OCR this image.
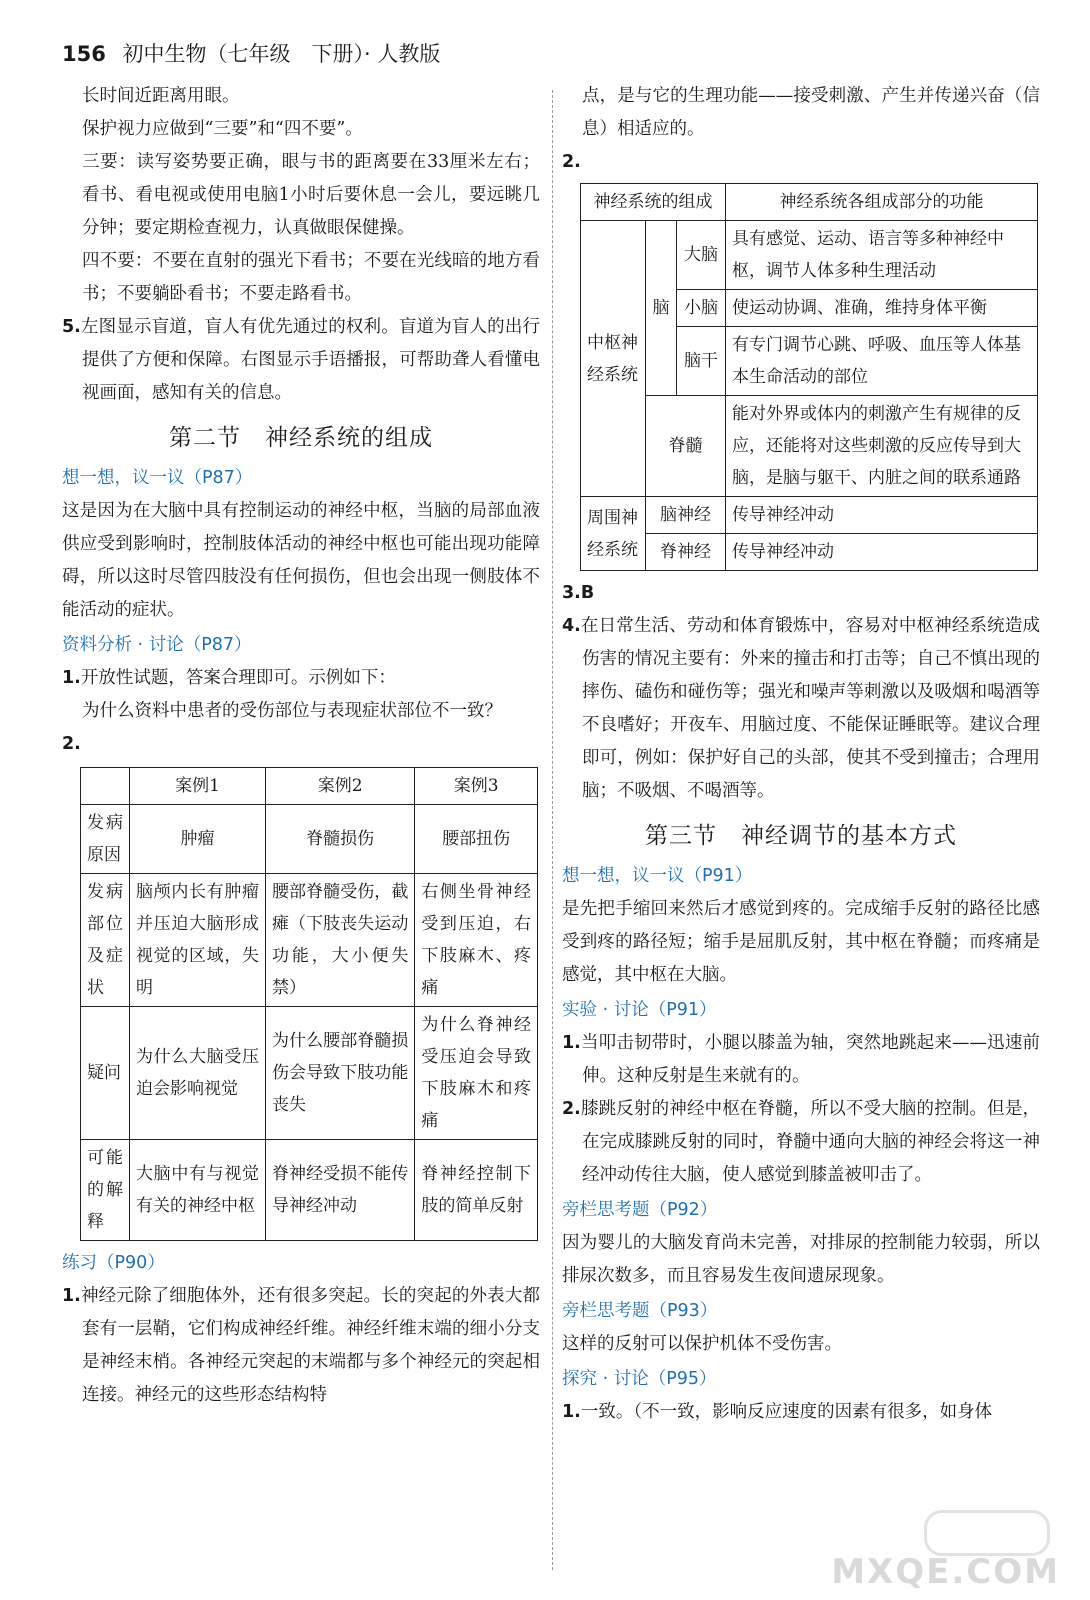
156 初中生物（七年级　下册）· 人教版

长时间近距离用眼。

保护视力应做到“三要”和“四不要”。

三要：读写姿势要正确，眼与书的距离要在33厘米左右；看书、看电视或使用电脑1小时后要休息一会儿，要远眺几分钟；要定期检查视力，认真做眼保健操。

四不要：不要在直射的强光下看书；不要在光线暗的地方看书；不要躺卧看书；不要走路看书。

5.左图显示盲道，盲人有优先通过的权利。盲道为盲人的出行提供了方便和保障。右图显示手语播报，可帮助聋人看懂电视画面，感知有关的信息。

第二节　神经系统的组成
想一想，议一议（P87）

这是因为在大脑中具有控制运动的神经中枢，当脑的局部血液供应受到影响时，控制肢体活动的神经中枢也可能出现功能障碍，所以这时尽管四肢没有任何损伤，但也会出现一侧肢体不能活动的症状。

资料分析 · 讨论（P87）

1.开放性试题，答案合理即可。示例如下：

为什么资料中患者的受伤部位与表现症状部位不一致？

2.

	案例1	案例2	案例3
发病原因	肿瘤	脊髓损伤	腰部扭伤
发病部位及症状	脑颅内长有肿瘤并压迫大脑形成视觉的区域，失明	腰部脊髓受伤，截瘫（下肢丧失运动功能，大小便失禁）	右侧坐骨神经受到压迫，右下肢麻木、疼痛
疑问	为什么大脑受压迫会影响视觉	为什么腰部脊髓损伤会导致下肢功能丧失	为什么脊神经受压迫会导致下肢麻木和疼痛
可能的解释	大脑中有与视觉有关的神经中枢	脊神经受损不能传导神经冲动	脊神经控制下肢的简单反射
练习（P90）

1.神经元除了细胞体外，还有很多突起。长的突起的外表大都套有一层鞘，它们构成神经纤维。神经纤维末端的细小分支是神经末梢。各神经元突起的末端都与多个神经元的突起相连接。神经元的这些形态结构特

点，是与它的生理功能——接受刺激、产生并传递兴奋（信息）相适应的。

2.

神经系统的组成			神经系统各组成部分的功能
中枢神经系统	脑	大脑	具有感觉、运动、语言等多种神经中枢，调节人体多种生理活动
		小脑	使运动协调、准确，维持身体平衡
		脑干	有专门调节心跳、呼吸、血压等人体基本生命活动的部位
	脊髓		能对外界或体内的刺激产生有规律的反应，还能将对这些刺激的反应传导到大脑，是脑与躯干、内脏之间的联系通路
周围神经系统	脑神经		传导神经冲动
	脊神经		传导神经冲动

3.B

4.在日常生活、劳动和体育锻炼中，容易对中枢神经系统造成伤害的情况主要有：外来的撞击和打击等；自己不慎出现的摔伤、磕伤和碰伤等；强光和噪声等刺激以及吸烟和喝酒等不良嗜好；开夜车、用脑过度、不能保证睡眠等。建议合理即可，例如：保护好自己的头部，使其不受到撞击；合理用脑；不吸烟、不喝酒等。

第三节　神经调节的基本方式
想一想，议一议（P91）

是先把手缩回来然后才感觉到疼的。完成缩手反射的路径比感受到疼的路径短；缩手是屈肌反射，其中枢在脊髓；而疼痛是感觉，其中枢在大脑。

实验 · 讨论（P91）

1.当叩击韧带时，小腿以膝盖为轴，突然地跳起来——迅速前伸。这种反射是生来就有的。

2.膝跳反射的神经中枢在脊髓，所以不受大脑的控制。但是，在完成膝跳反射的同时，脊髓中通向大脑的神经会将这一神经冲动传往大脑，使人感觉到膝盖被叩击了。

旁栏思考题（P92）

因为婴儿的大脑发育尚未完善，对排尿的控制能力较弱，所以排尿次数多，而且容易发生夜间遗尿现象。

旁栏思考题（P93）

这样的反射可以保护机体不受伤害。

探究 · 讨论（P95）

1.一致。（不一致，影响反应速度的因素有很多，如身体

MXQE.COM
